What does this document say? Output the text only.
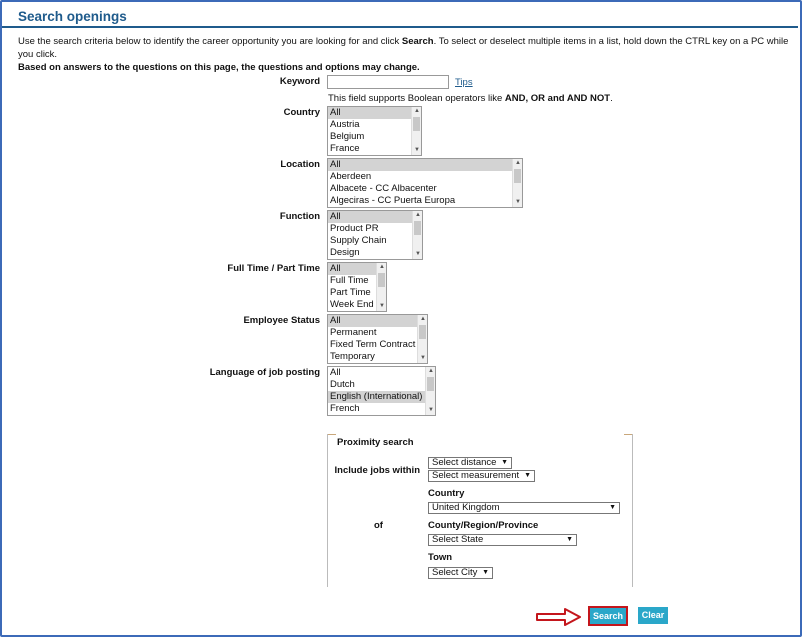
Search openings
Use the search criteria below to identify the career opportunity you are looking for and click Search. To select or deselect multiple items in a list, hold down the CTRL key on a PC while you click.
Based on answers to the questions on this page, the questions and options may change.
Keyword	Tips
This field supports Boolean operators like AND, OR and AND NOT.
Country All
Austria
Belgium
France
▲
▼
Location All
Aberdeen
Albacete - CC Albacenter
Algeciras - CC Puerta Europa
▲
▼
Function All
Product PR
Supply Chain
Design
▲
▼
Full Time / Part Time All
Full Time
Part Time
Week End
▲
▼
Employee Status All
Permanent
Fixed Term Contract
Temporary
▲
▼
Language of job posting All
Dutch
English (International)
French
▲
▼
Proximity search
Include jobs within
Select distance ▼
Select measurement ▼
Country
United Kingdom	▼
of	County/Region/Province
Select State	▼
Town
Select City ▼
Search	Clear
